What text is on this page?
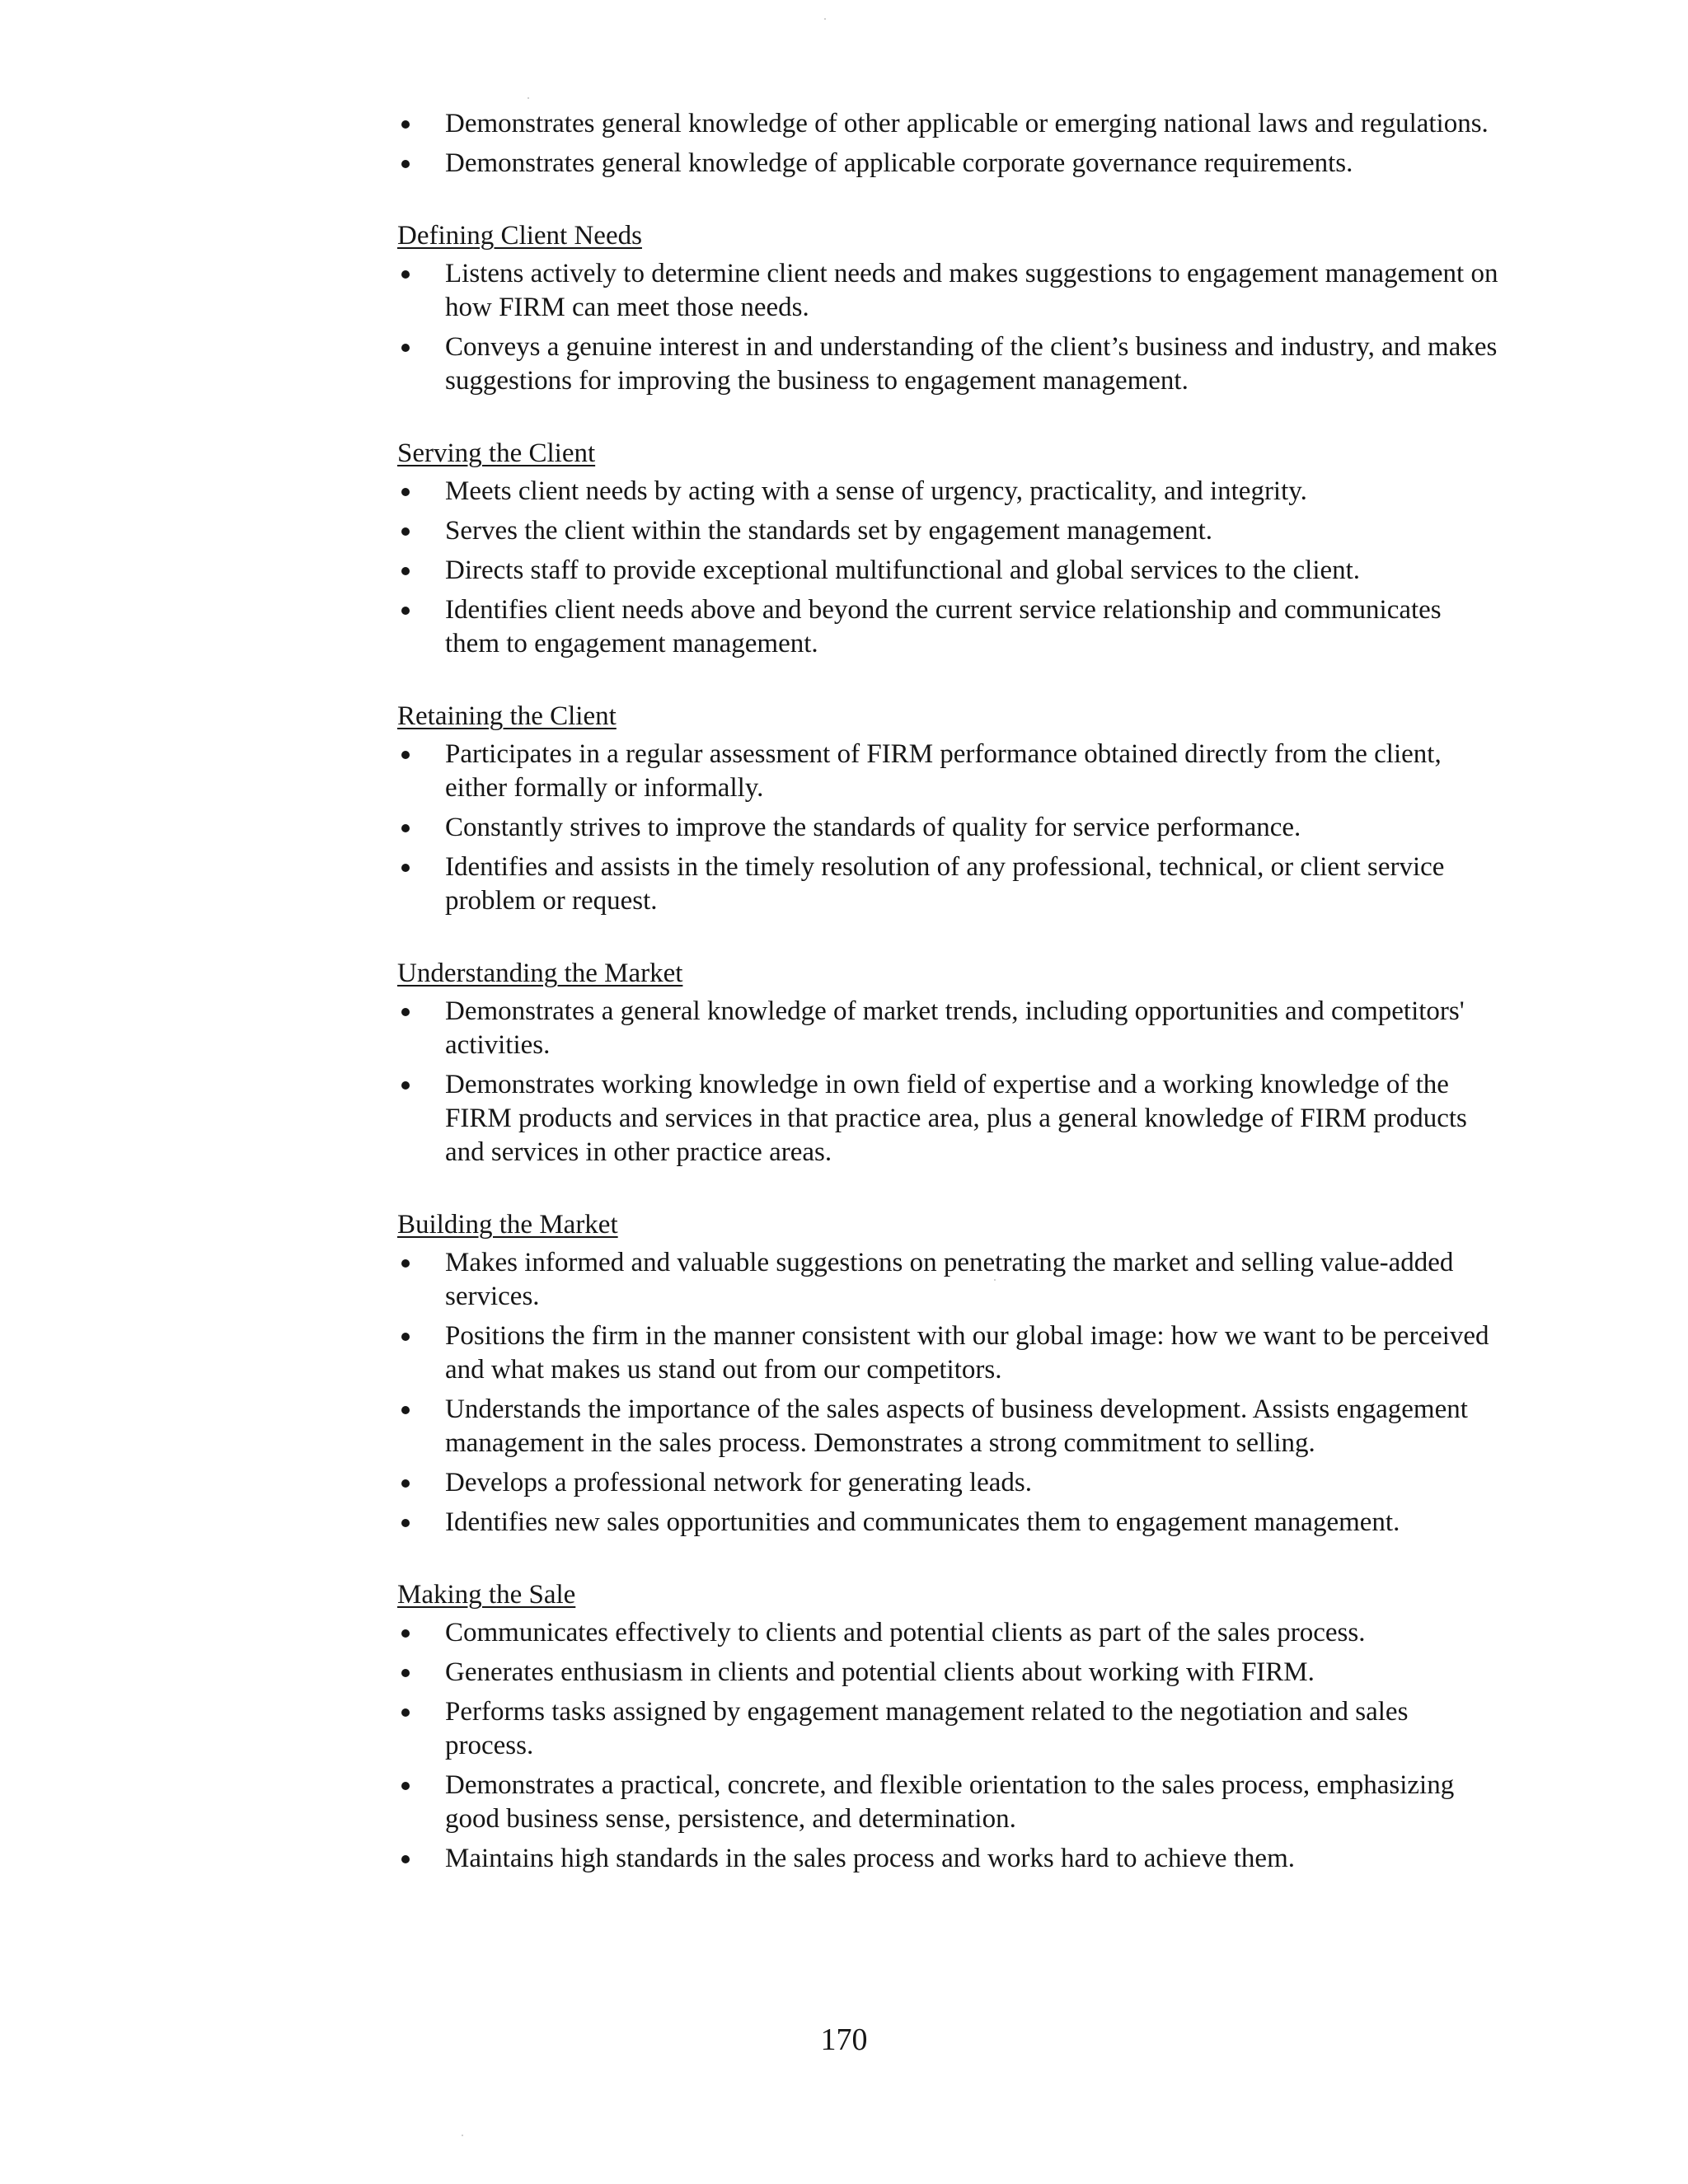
Demonstrates general knowledge of other applicable or emerging national laws and regulations.
Demonstrates general knowledge of applicable corporate governance requirements.
Defining Client Needs
Listens actively to determine client needs and makes suggestions to engagement management on how FIRM can meet those needs.
Conveys a genuine interest in and understanding of the client’s business and industry, and makes suggestions for improving the business to engagement management.
Serving the Client
Meets client needs by acting with a sense of urgency, practicality, and integrity.
Serves the client within the standards set by engagement management.
Directs staff to provide exceptional multifunctional and global services to the client.
Identifies client needs above and beyond the current service relationship and communicates them to engagement management.
Retaining the Client
Participates in a regular assessment of FIRM performance obtained directly from the client, either formally or informally.
Constantly strives to improve the standards of quality for service performance.
Identifies and assists in the timely resolution of any professional, technical, or client service problem or request.
Understanding the Market
Demonstrates a general knowledge of market trends, including opportunities and competitors' activities.
Demonstrates working knowledge in own field of expertise and a working knowledge of the FIRM products and services in that practice area, plus a general knowledge of FIRM products and services in other practice areas.
Building the Market
Makes informed and valuable suggestions on penetrating the market and selling value-added services.
Positions the firm in the manner consistent with our global image: how we want to be perceived and what makes us stand out from our competitors.
Understands the importance of the sales aspects of business development. Assists engagement management in the sales process. Demonstrates a strong commitment to selling.
Develops a professional network for generating leads.
Identifies new sales opportunities and communicates them to engagement management.
Making the Sale
Communicates effectively to clients and potential clients as part of the sales process.
Generates enthusiasm in clients and potential clients about working with FIRM.
Performs tasks assigned by engagement management related to the negotiation and sales process.
Demonstrates a practical, concrete, and flexible orientation to the sales process, emphasizing good business sense, persistence, and determination.
Maintains high standards in the sales process and works hard to achieve them.
170
